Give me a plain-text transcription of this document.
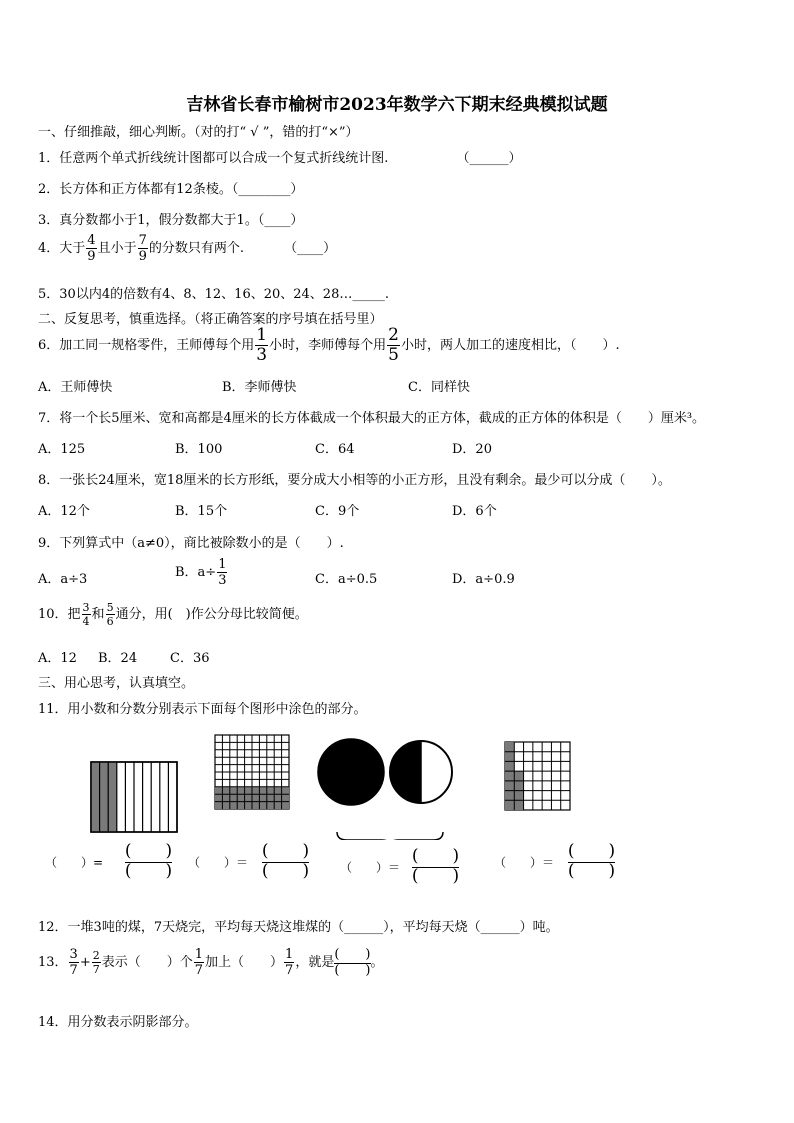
吉林省长春市榆树市2023年数学六下期末经典模拟试题
一、仔细推敲，细心判断。（对的打“ √ ”，错的打“×”）
1．任意两个单式折线统计图都可以合成一个复式折线统计图.	（______）
2．长方体和正方体都有12条棱。（________）
3．真分数都小于1，假分数都大于1。（____）
4．大于 $\frac{4}{9}$ 且小于 $\frac{7}{9}$ 的分数只有两个.	（____）
5．30以内4的倍数有4、8、12、16、20、24、28…_____.
二、反复思考，慎重选择。（将正确答案的序号填在括号里）
6．加工同一规格零件，王师傅每个用 $\frac{1}{3}$ 小时，李师傅每个用 $\frac{2}{5}$ 小时，两人加工的速度相比，（　　）.
A．王师傅快	B．李师傅快	C．同样快
7．将一个长5厘米、宽和高都是4厘米的长方体截成一个体积最大的正方体，截成的正方体的体积是（　　）厘米³。
A．125	B．100	C．64	D．20
8．一张长24厘米，宽18厘米的长方形纸，要分成大小相等的小正方形，且没有剩余。最少可以分成（　　）。
A．12个	B．15个	C．9个	D．6个
9．下列算式中（a≠0），商比被除数小的是（　　）.
A．a÷3	B．$a\div \frac{1}{3}$	C．a÷0.5	D．a÷0.9
10．把 $\frac{3}{4}$ 和 $\frac{5}{6}$ 通分，用(　)作公分母比较简便。
A．12 B．24	C．36
三、用心思考，认真填空。
11．用小数和分数分别表示下面每个图形中涂色的部分。
（　　）= $\frac{( )}{( )}$ （　　）＝ $\frac{( )}{( )}$	（　　）＝ $\frac{( )}{( )}$	（　　）＝ $\frac{( )}{( )}$
12．一堆3吨的煤，7天烧完，平均每天烧这堆煤的（______），平均每天烧（______）吨。
13． $\frac{3}{7} + \frac{2}{7}$ 表示（　　）个 $\frac{1}{7}$ 加上（　　） $\frac{1}{7}$ ，就是 $\frac{( )}{( )}$ 。
14．用分数表示阴影部分。
